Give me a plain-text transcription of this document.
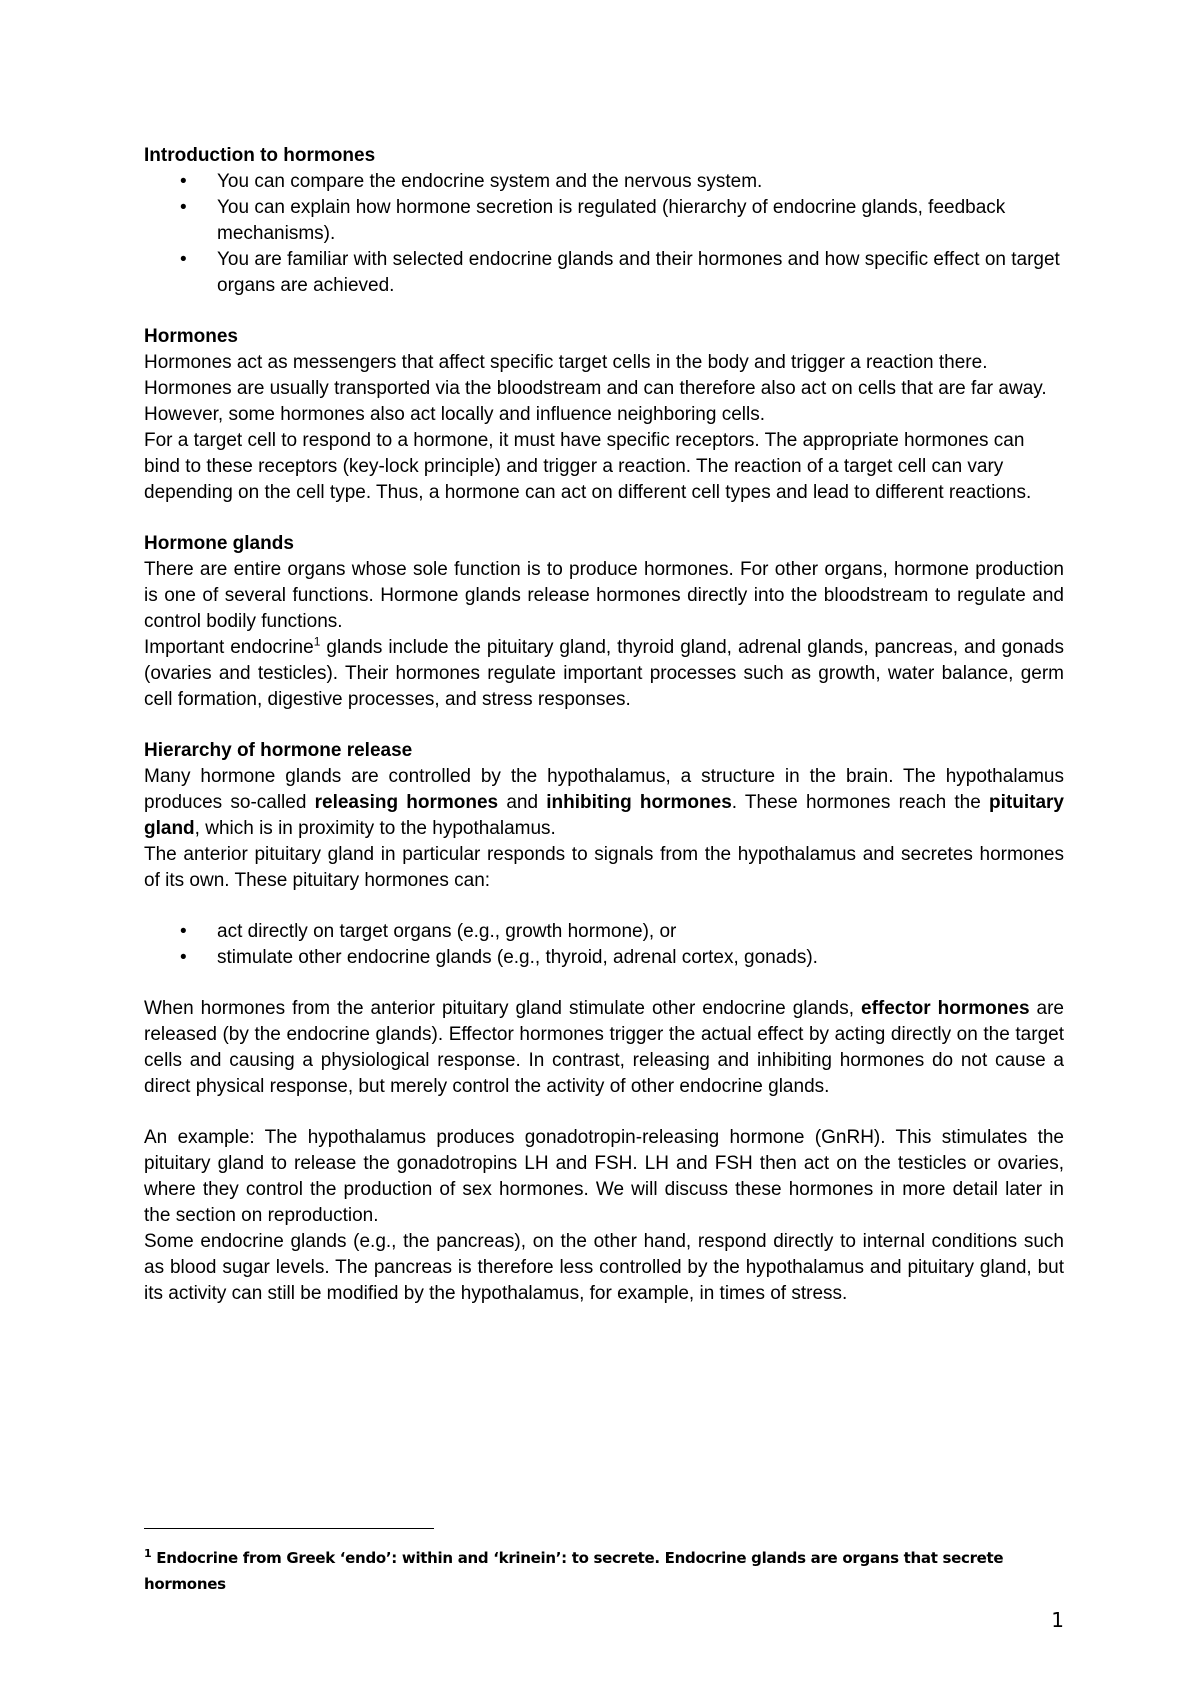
Introduction to hormones

• You can compare the endocrine system and the nervous system.
• You can explain how hormone secretion is regulated (hierarchy of endocrine glands, feedback mechanisms).
• You are familiar with selected endocrine glands and their hormones and how specific effect on target organs are achieved.

Hormones

Hormones act as messengers that affect specific target cells in the body and trigger a reaction there. Hormones are usually transported via the bloodstream and can therefore also act on cells that are far away. However, some hormones also act locally and influence neighboring cells.

For a target cell to respond to a hormone, it must have specific receptors. The appropriate hormones can bind to these receptors (key-lock principle) and trigger a reaction. The reaction of a target cell can vary depending on the cell type. Thus, a hormone can act on different cell types and lead to different reactions.

Hormone glands

There are entire organs whose sole function is to produce hormones. For other organs, hormone production is one of several functions. Hormone glands release hormones directly into the bloodstream to regulate and control bodily functions.

Important endocrine$^1$ glands include the pituitary gland, thyroid gland, adrenal glands, pancreas, and gonads (ovaries and testicles). Their hormones regulate important processes such as growth, water balance, germ cell formation, digestive processes, and stress responses.

Hierarchy of hormone release

Many hormone glands are controlled by the hypothalamus, a structure in the brain. The hypothalamus produces so-called releasing hormones and inhibiting hormones. These hormones reach the pituitary gland, which is in proximity to the hypothalamus.

The anterior pituitary gland in particular responds to signals from the hypothalamus and secretes hormones of its own. These pituitary hormones can:

• act directly on target organs (e.g., growth hormone), or
• stimulate other endocrine glands (e.g., thyroid, adrenal cortex, gonads).

When hormones from the anterior pituitary gland stimulate other endocrine glands, effector hormones are released (by the endocrine glands). Effector hormones trigger the actual effect by acting directly on the target cells and causing a physiological response. In contrast, releasing and inhibiting hormones do not cause a direct physical response, but merely control the activity of other endocrine glands.

An example: The hypothalamus produces gonadotropin-releasing hormone (GnRH). This stimulates the pituitary gland to release the gonadotropins LH and FSH. LH and FSH then act on the testicles or ovaries, where they control the production of sex hormones. We will discuss these hormones in more detail later in the section on reproduction.

Some endocrine glands (e.g., the pancreas), on the other hand, respond directly to internal conditions such as blood sugar levels. The pancreas is therefore less controlled by the hypothalamus and pituitary gland, but its activity can still be modified by the hypothalamus, for example, in times of stress.

$^1$ Endocrine from Greek ‘endo’: within and ‘krinein’: to secrete. Endocrine glands are organs that secrete hormones
1
